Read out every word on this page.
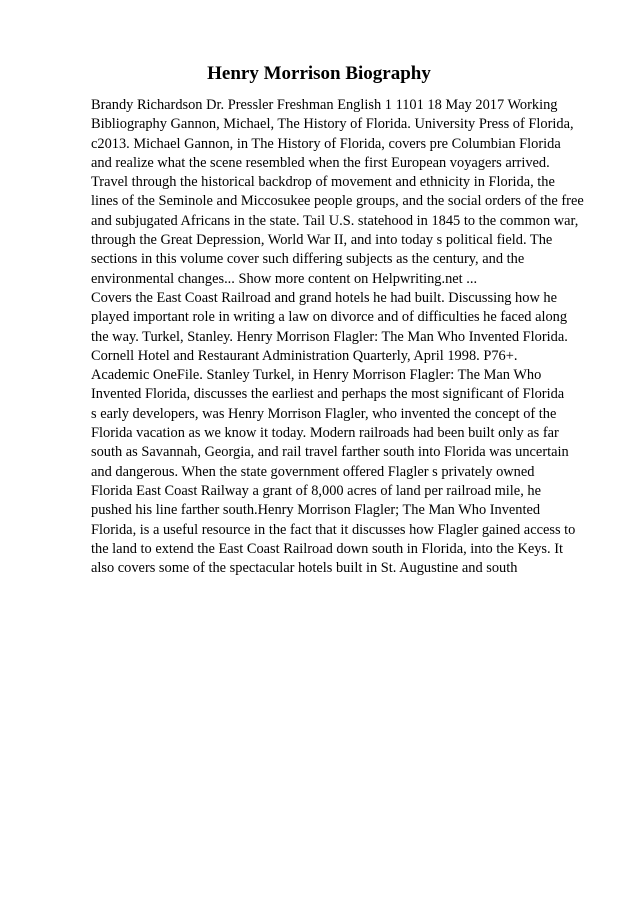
Henry Morrison Biography
Brandy Richardson Dr. Pressler Freshman English 1 1101 18 May 2017 Working
Bibliography Gannon, Michael, The History of Florida. University Press of Florida,
c2013. Michael Gannon, in The History of Florida, covers pre Columbian Florida
and realize what the scene resembled when the first European voyagers arrived.
Travel through the historical backdrop of movement and ethnicity in Florida, the
lines of the Seminole and Miccosukee people groups, and the social orders of the free
and subjugated Africans in the state. Tail U.S. statehood in 1845 to the common war,
through the Great Depression, World War II, and into today s political field. The
sections in this volume cover such differing subjects as the century, and the
environmental changes... Show more content on Helpwriting.net ...
Covers the East Coast Railroad and grand hotels he had built. Discussing how he
played important role in writing a law on divorce and of difficulties he faced along
the way. Turkel, Stanley. Henry Morrison Flagler: The Man Who Invented Florida.
Cornell Hotel and Restaurant Administration Quarterly, April 1998. P76+.
Academic OneFile. Stanley Turkel, in Henry Morrison Flagler: The Man Who
Invented Florida, discusses the earliest and perhaps the most significant of Florida
s early developers, was Henry Morrison Flagler, who invented the concept of the
Florida vacation as we know it today. Modern railroads had been built only as far
south as Savannah, Georgia, and rail travel farther south into Florida was uncertain
and dangerous. When the state government offered Flagler s privately owned
Florida East Coast Railway a grant of 8,000 acres of land per railroad mile, he
pushed his line farther south.Henry Morrison Flagler; The Man Who Invented
Florida, is a useful resource in the fact that it discusses how Flagler gained access to
the land to extend the East Coast Railroad down south in Florida, into the Keys. It
also covers some of the spectacular hotels built in St. Augustine and south
